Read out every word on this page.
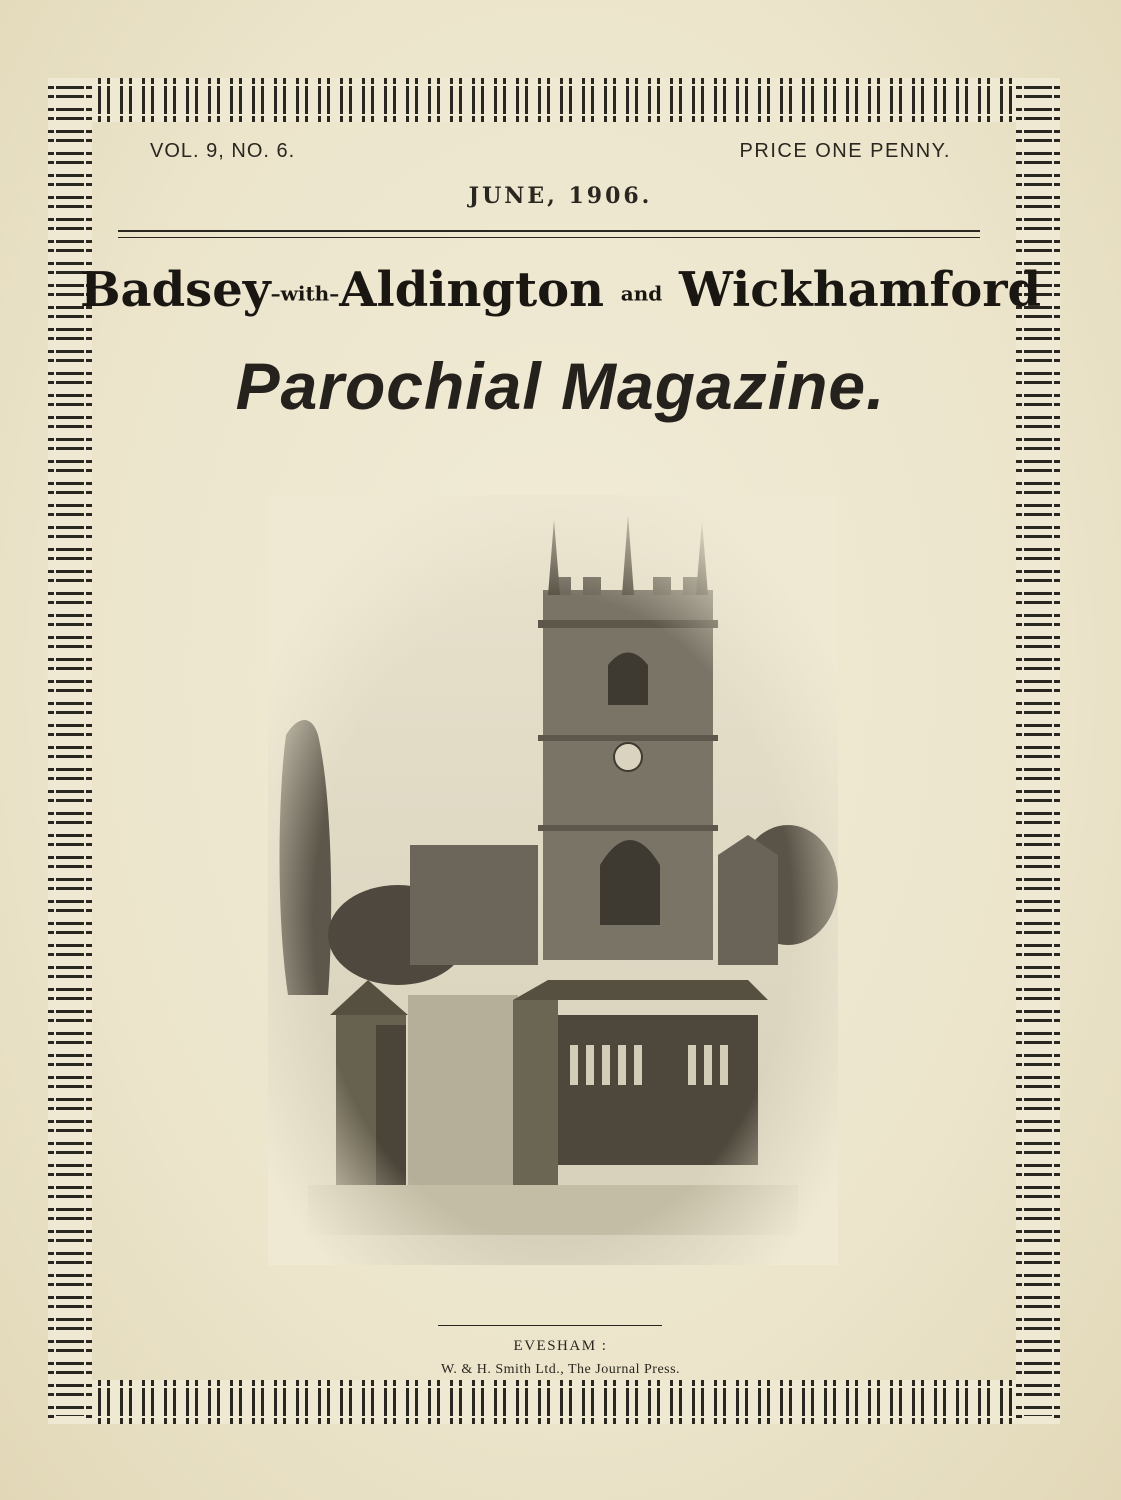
VOL. 9, NO. 6.	PRICE ONE PENNY.
JUNE, 1906.
Badsey–with–Aldington and Wickhamford
Parochial Magazine.
EVESHAM :
W. & H. Smith Ltd., The Journal Press.
